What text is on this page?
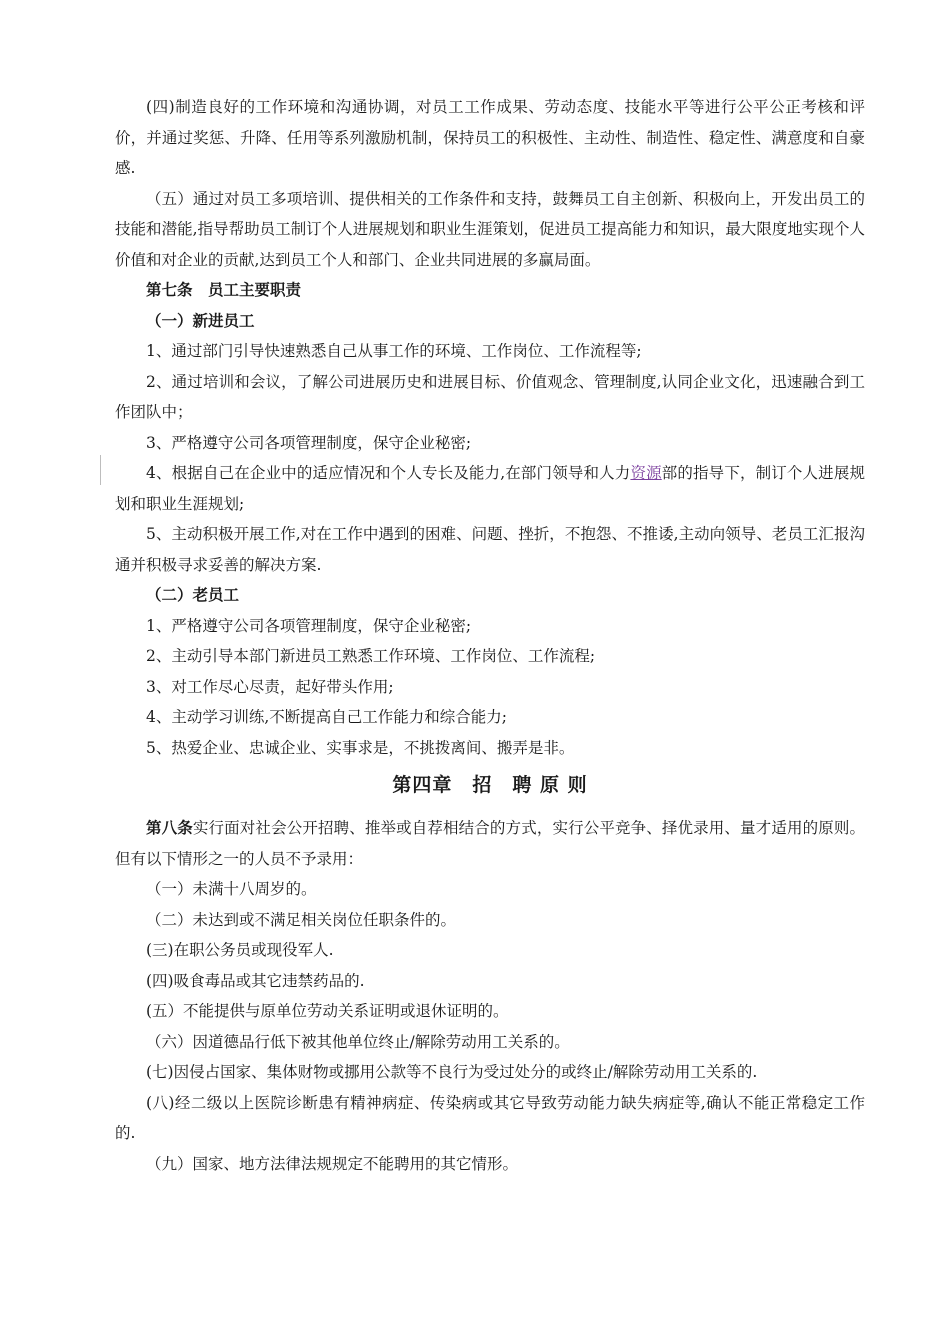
(四)制造良好的工作环境和沟通协调，对员工工作成果、劳动态度、技能水平等进行公平公正考核和评价，并通过奖惩、升降、任用等系列激励机制，保持员工的积极性、主动性、制造性、稳定性、满意度和自豪感.

（五）通过对员工多项培训、提供相关的工作条件和支持，鼓舞员工自主创新、积极向上，开发出员工的技能和潜能,指导帮助员工制订个人进展规划和职业生涯策划，促进员工提高能力和知识，最大限度地实现个人价值和对企业的贡献,达到员工个人和部门、企业共同进展的多赢局面。

第七条　员工主要职责

（一）新进员工

1、通过部门引导快速熟悉自己从事工作的环境、工作岗位、工作流程等;

2、通过培训和会议，了解公司进展历史和进展目标、价值观念、管理制度,认同企业文化，迅速融合到工作团队中；

3、严格遵守公司各项管理制度，保守企业秘密;

4、根据自己在企业中的适应情况和个人专长及能力,在部门领导和人力资源部的指导下，制订个人进展规划和职业生涯规划;

5、主动积极开展工作,对在工作中遇到的困难、问题、挫折，不抱怨、不推诿,主动向领导、老员工汇报沟通并积极寻求妥善的解决方案.

（二）老员工

1、严格遵守公司各项管理制度，保守企业秘密;

2、主动引导本部门新进员工熟悉工作环境、工作岗位、工作流程;

3、对工作尽心尽责，起好带头作用;

4、主动学习训练,不断提高自己工作能力和综合能力;

5、热爱企业、忠诚企业、实事求是，不挑拨离间、搬弄是非。

第四章　招　聘 原 则

第八条实行面对社会公开招聘、推举或自荐相结合的方式，实行公平竞争、择优录用、量才适用的原则。但有以下情形之一的人员不予录用：

（一）未满十八周岁的。

（二）未达到或不满足相关岗位任职条件的。

(三)在职公务员或现役军人.

(四)吸食毒品或其它违禁药品的.

(五）不能提供与原单位劳动关系证明或退休证明的。

（六）因道德品行低下被其他单位终止/解除劳动用工关系的。

(七)因侵占国家、集体财物或挪用公款等不良行为受过处分的或终止/解除劳动用工关系的.

(八)经二级以上医院诊断患有精神病症、传染病或其它导致劳动能力缺失病症等,确认不能正常稳定工作的.

（九）国家、地方法律法规规定不能聘用的其它情形。
